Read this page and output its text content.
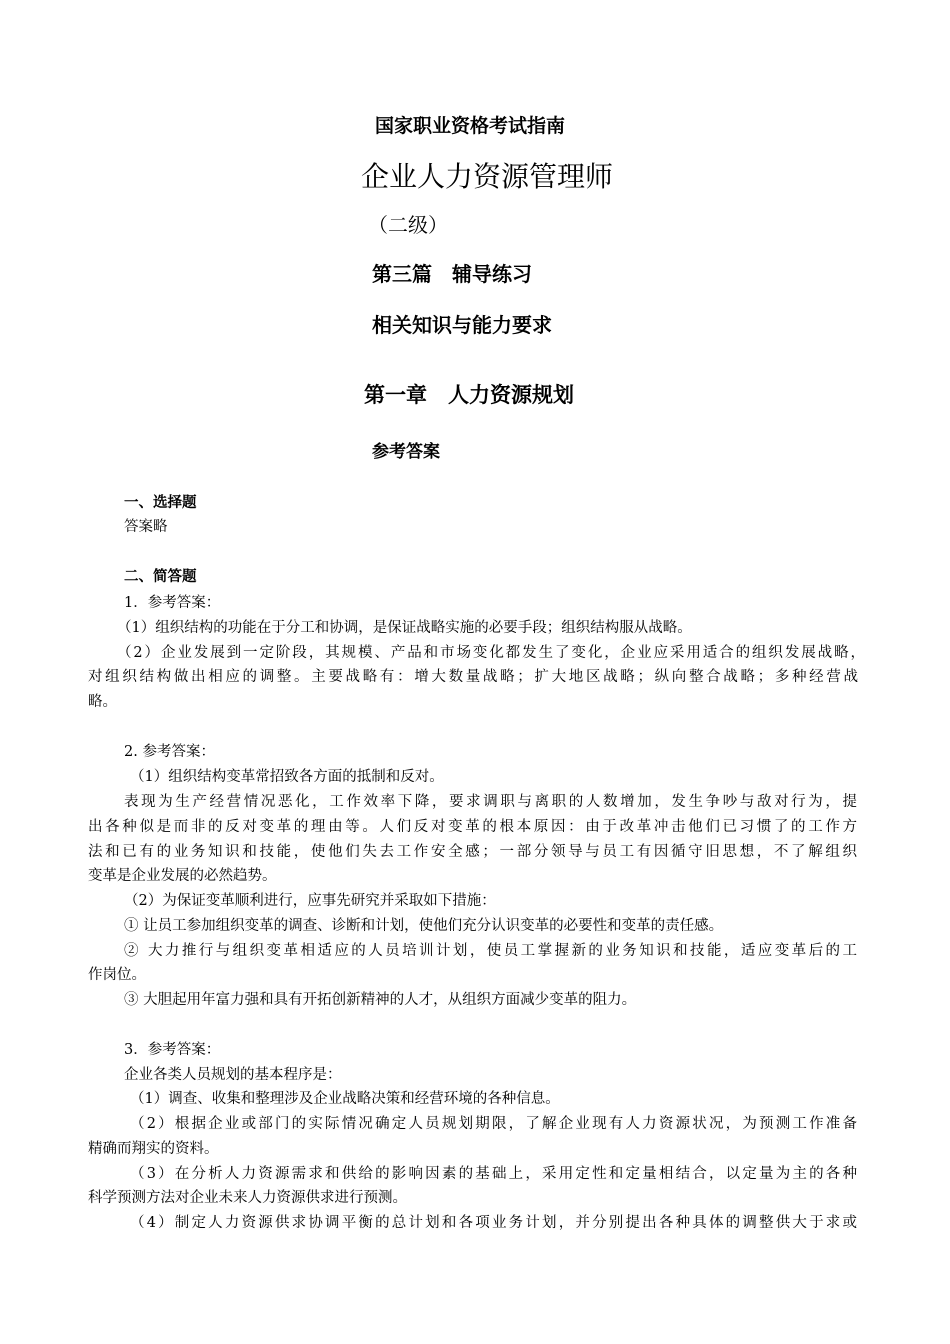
国家职业资格考试指南
企业人力资源管理师
（二级）
第三篇　辅导练习
相关知识与能力要求
第一章　人力资源规划
参考答案
一、选择题
答案略
二、简答题
1．参考答案：
（1）组织结构的功能在于分工和协调，是保证战略实施的必要手段；组织结构服从战略。
（2）企业发展到一定阶段，其规模、产品和市场变化都发生了变化，企业应采用适合的组织发展战略，
对组织结构做出相应的调整。主要战略有：增大数量战略；扩大地区战略；纵向整合战略；多种经营战
略。
2. 参考答案：
（1）组织结构变革常招致各方面的抵制和反对。
表现为生产经营情况恶化，工作效率下降，要求调职与离职的人数增加，发生争吵与敌对行为，提
出各种似是而非的反对变革的理由等。人们反对变革的根本原因：由于改革冲击他们已习惯了的工作方
法和已有的业务知识和技能，使他们失去工作安全感；一部分领导与员工有因循守旧思想，不了解组织
变革是企业发展的必然趋势。
（2）为保证变革顺利进行，应事先研究并采取如下措施：
① 让员工参加组织变革的调查、诊断和计划，使他们充分认识变革的必要性和变革的责任感。
② 大力推行与组织变革相适应的人员培训计划，使员工掌握新的业务知识和技能，适应变革后的工
作岗位。
③ 大胆起用年富力强和具有开拓创新精神的人才，从组织方面减少变革的阻力。
3．参考答案：
企业各类人员规划的基本程序是：
（1）调查、收集和整理涉及企业战略决策和经营环境的各种信息。
（2）根据企业或部门的实际情况确定人员规划期限，了解企业现有人力资源状况，为预测工作准备
精确而翔实的资料。
（3）在分析人力资源需求和供给的影响因素的基础上，采用定性和定量相结合，以定量为主的各种
科学预测方法对企业未来人力资源供求进行预测。
（4）制定人力资源供求协调平衡的总计划和各项业务计划，并分别提出各种具体的调整供大于求或
